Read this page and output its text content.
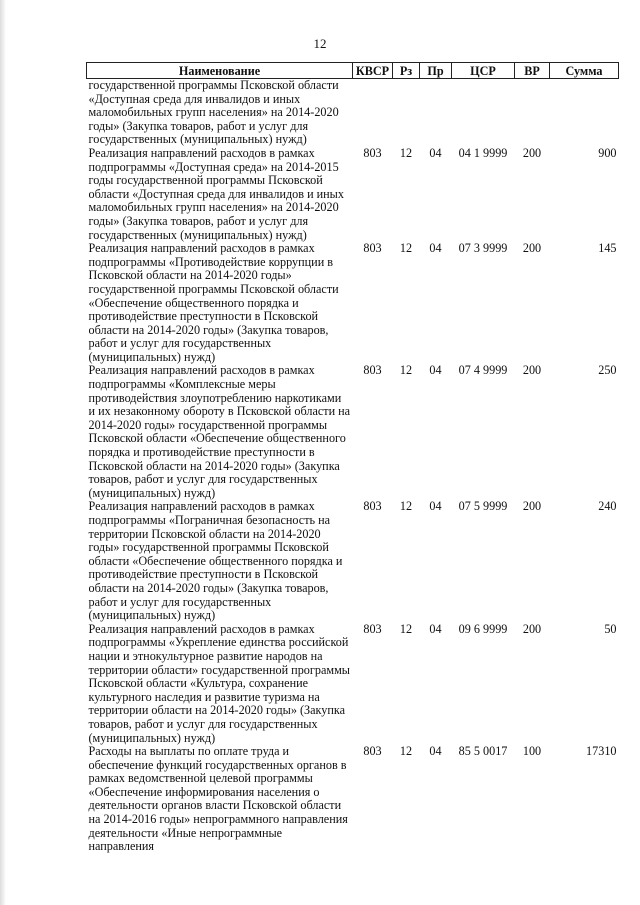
12
Наименование	КВСР	Рз	Пр	ЦСР	ВР	Сумма
государственной программы Псковской области «Доступная среда для инвалидов и иных маломобильных групп населения» на 2014-2020 годы» (Закупка товаров, работ и услуг для государственных (муниципальных) нужд)						
Реализация направлений расходов в рамках подпрограммы «Доступная среда» на 2014-2015 годы государственной программы Псковской области «Доступная среда для инвалидов и иных маломобильных групп населения» на 2014-2020 годы» (Закупка товаров, работ и услуг для государственных (муниципальных) нужд)	803	12	04	04 1 9999	200	900
Реализация направлений расходов в рамках подпрограммы «Противодействие коррупции в Псковской области на 2014-2020 годы» государственной программы Псковской области «Обеспечение общественного порядка и противодействие преступности в Псковской области на 2014-2020 годы» (Закупка товаров, работ и услуг для государственных (муниципальных) нужд)	803	12	04	07 3 9999	200	145
Реализация направлений расходов в рамках подпрограммы «Комплексные меры противодействия злоупотреблению наркотиками и их незаконному обороту в Псковской области на 2014-2020 годы» государственной программы Псковской области «Обеспечение общественного порядка и противодействие преступности в Псковской области на 2014-2020 годы» (Закупка товаров, работ и услуг для государственных (муниципальных) нужд)	803	12	04	07 4 9999	200	250
Реализация направлений расходов в рамках подпрограммы «Пограничная безопасность на территории Псковской области на 2014-2020 годы» государственной программы Псковской области «Обеспечение общественного порядка и противодействие преступности в Псковской области на 2014-2020 годы» (Закупка товаров, работ и услуг для государственных (муниципальных) нужд)	803	12	04	07 5 9999	200	240
Реализация направлений расходов в рамках подпрограммы «Укрепление единства российской нации и этнокультурное развитие народов на территории области» государственной программы Псковской области «Культура, сохранение культурного наследия и развитие туризма на территории области на 2014-2020 годы» (Закупка товаров, работ и услуг для государственных (муниципальных) нужд)	803	12	04	09 6 9999	200	50
Расходы на выплаты по оплате труда и обеспечение функций государственных органов в рамках ведомственной целевой программы «Обеспечение информирования населения о деятельности органов власти Псковской области на 2014-2016 годы» непрограммного направления деятельности «Иные непрограммные направления	803	12	04	85 5 0017	100	17310
